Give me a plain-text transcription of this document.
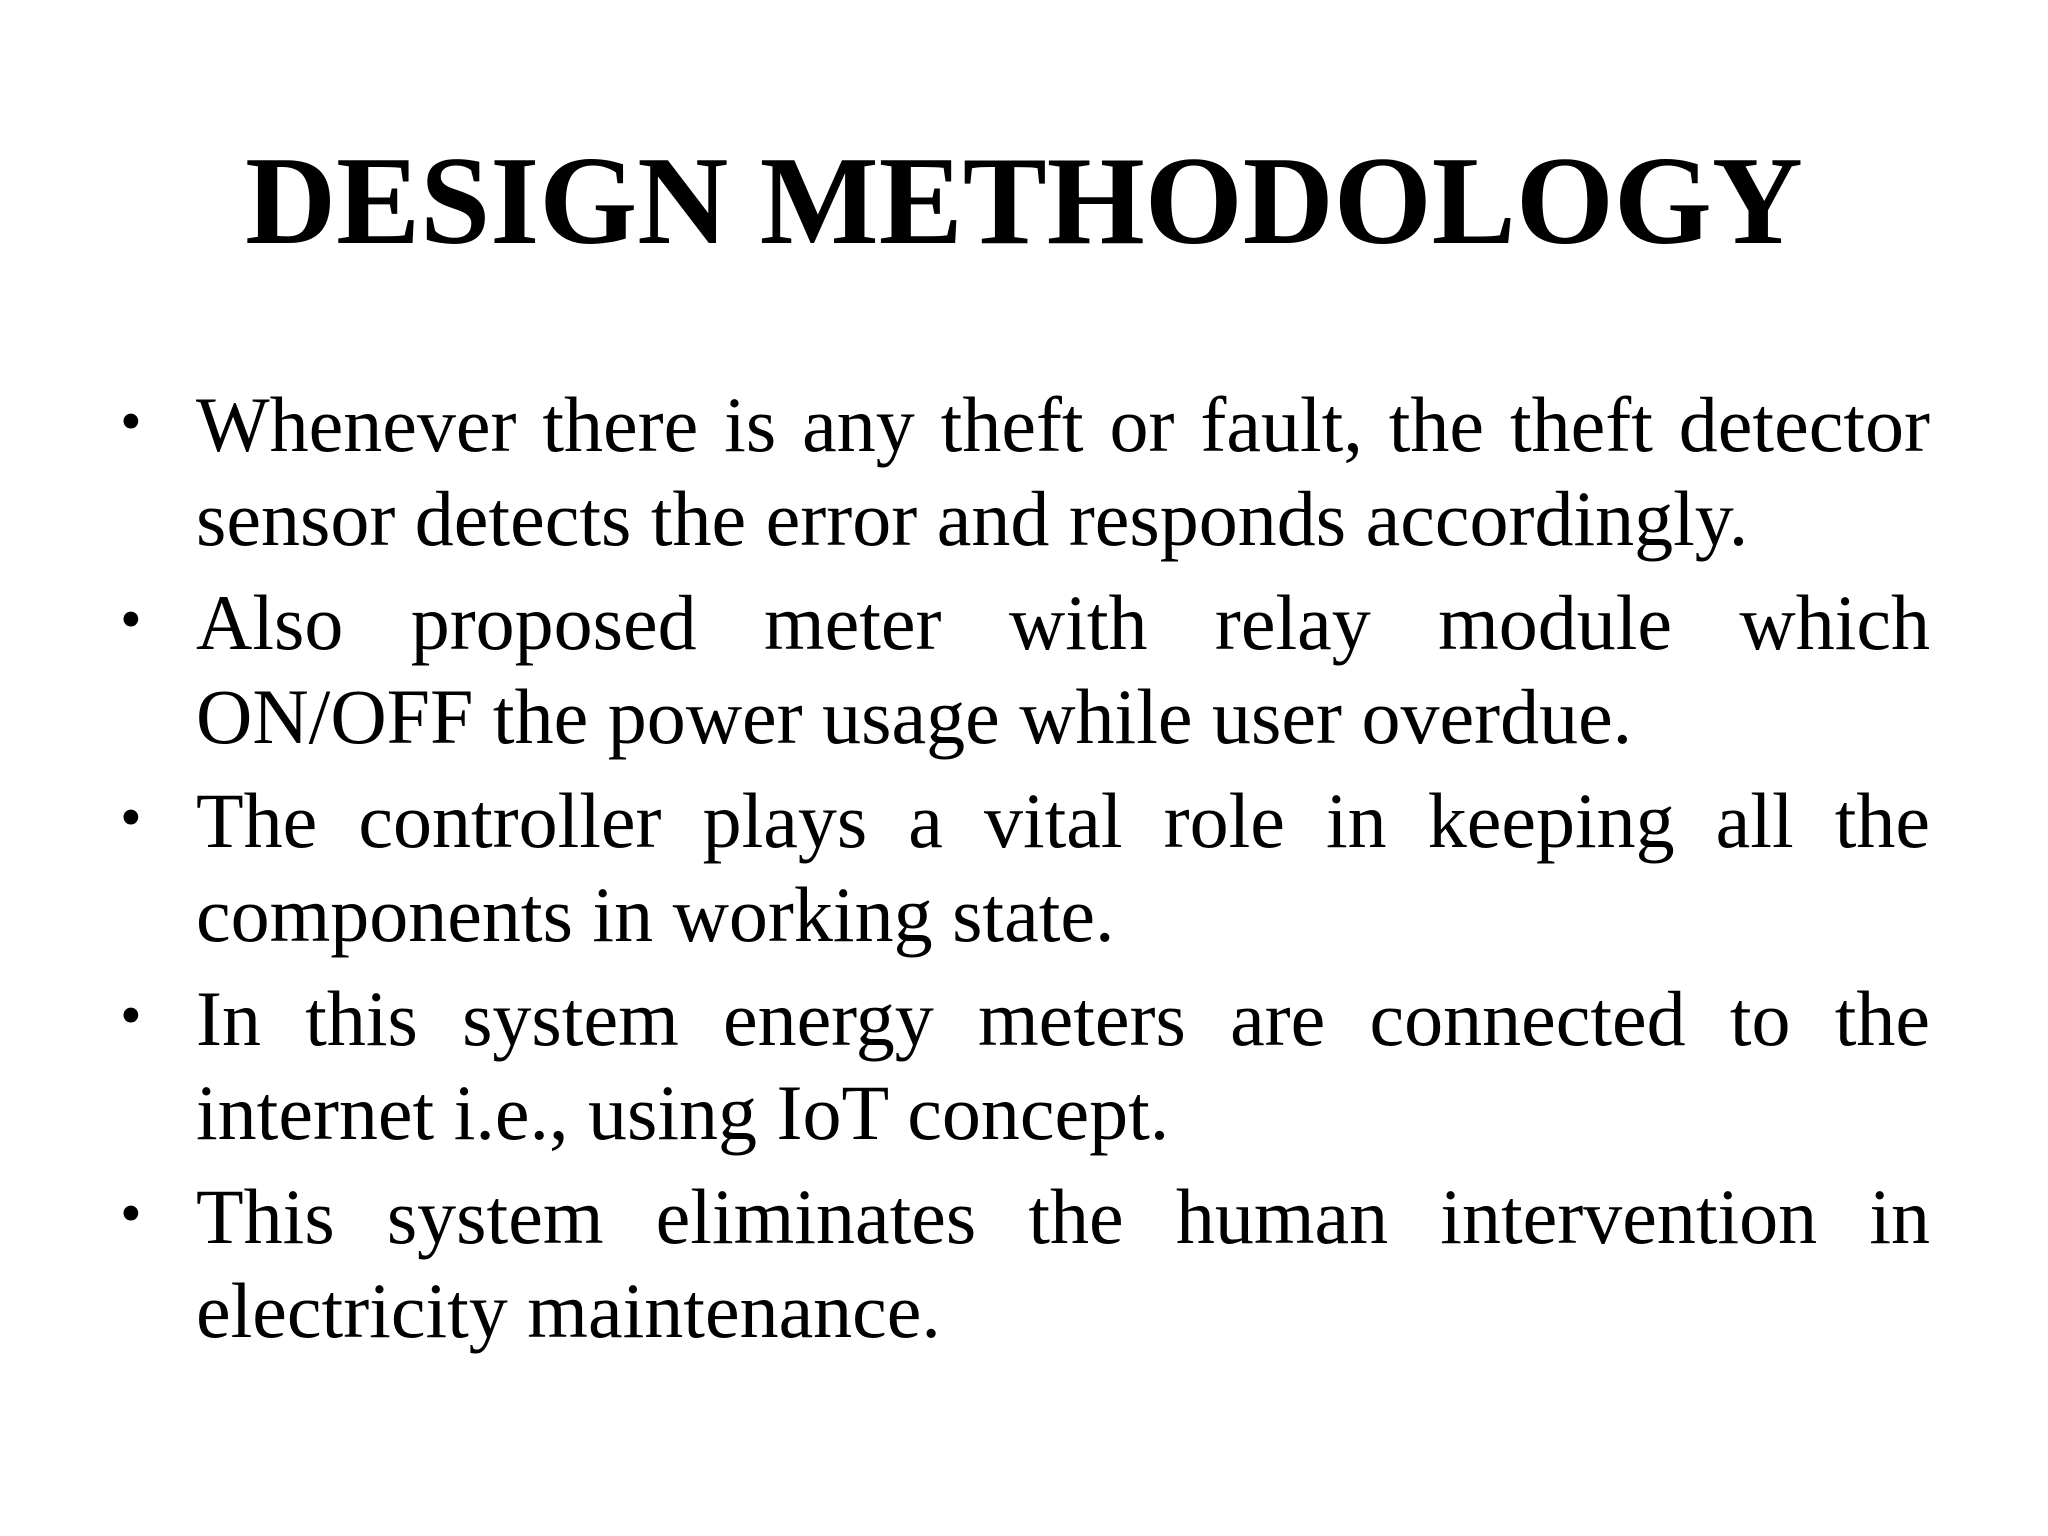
DESIGN METHODOLOGY
• Whenever there is any theft or fault, the theft detector sensor detects the error and responds accordingly.
• Also proposed meter with relay module which ON/OFF the power usage while user overdue.
• The controller plays a vital role in keeping all the components in working state.
• In this system energy meters are connected to the internet i.e., using IoT concept.
• This system eliminates the human intervention in electricity maintenance.
